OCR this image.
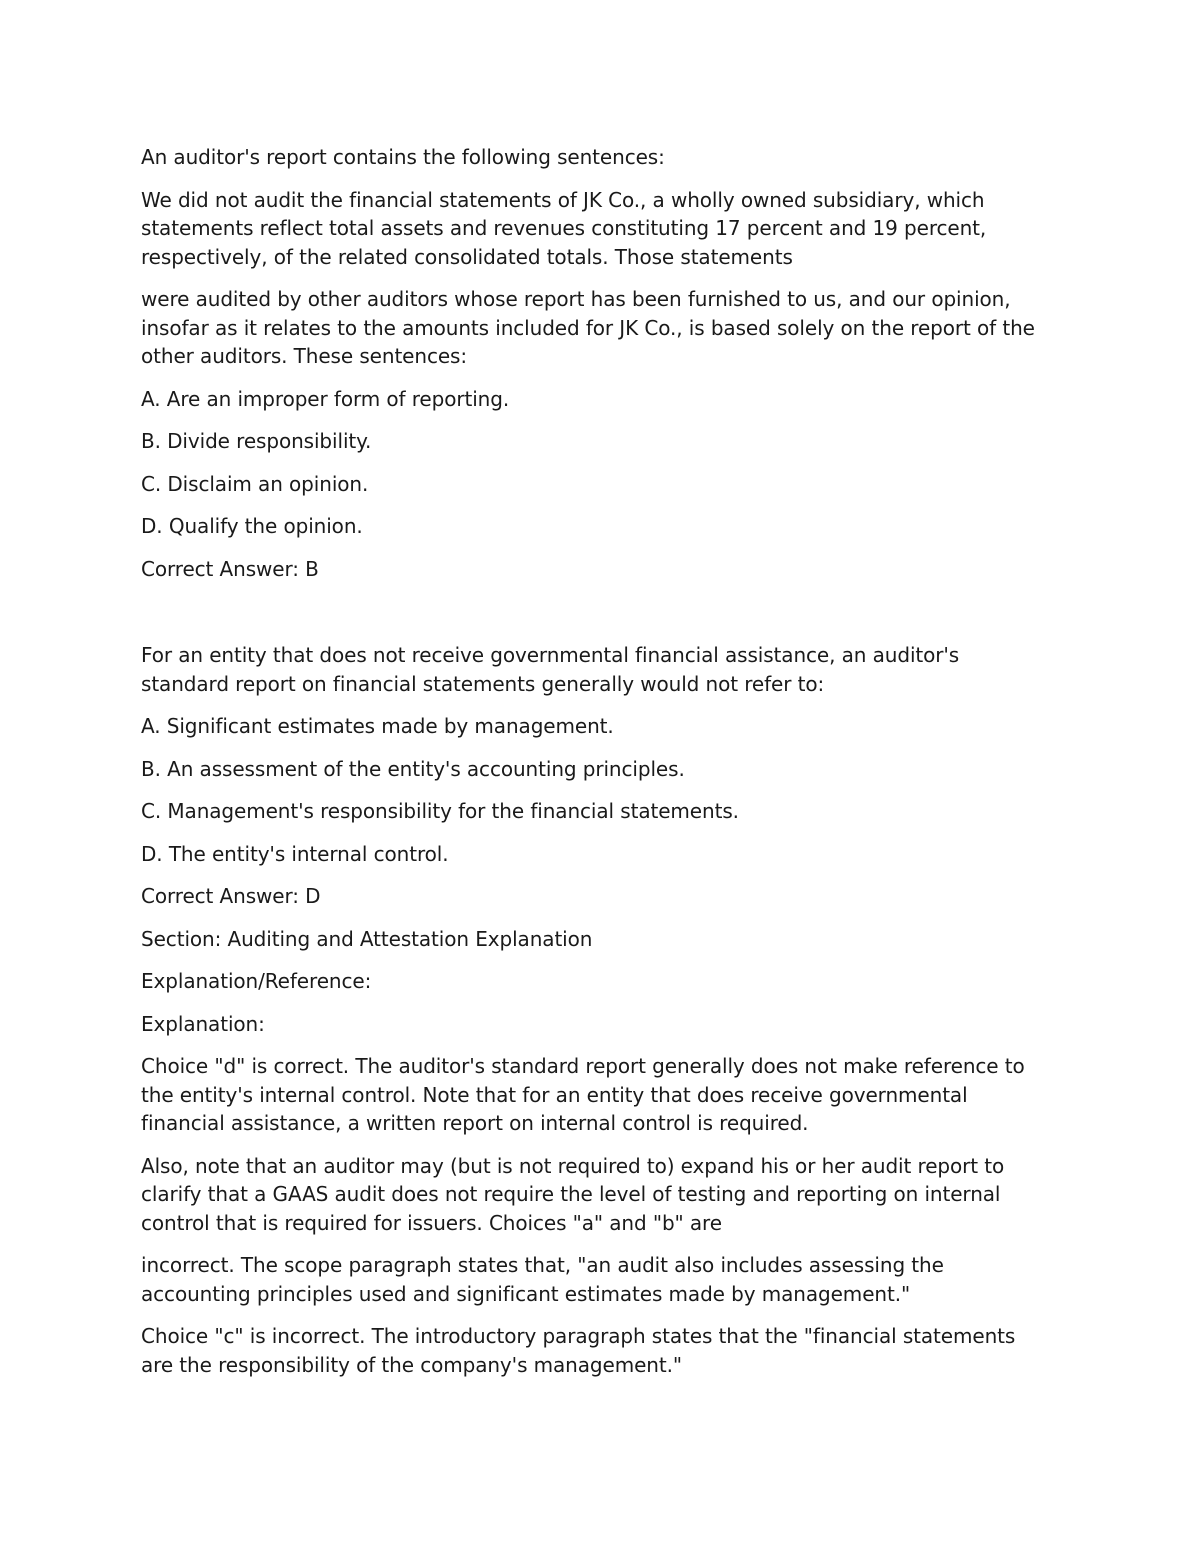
An auditor's report contains the following sentences:

We did not audit the financial statements of JK Co., a wholly owned subsidiary, which statements reflect total assets and revenues constituting 17 percent and 19 percent, respectively, of the related consolidated totals. Those statements

were audited by other auditors whose report has been furnished to us, and our opinion, insofar as it relates to the amounts included for JK Co., is based solely on the report of the other auditors. These sentences:

A. Are an improper form of reporting.

B. Divide responsibility.

C. Disclaim an opinion.

D. Qualify the opinion.

Correct Answer: B

For an entity that does not receive governmental financial assistance, an auditor's standard report on financial statements generally would not refer to:

A. Significant estimates made by management.

B. An assessment of the entity's accounting principles.

C. Management's responsibility for the financial statements.

D. The entity's internal control.

Correct Answer: D

Section: Auditing and Attestation Explanation

Explanation/Reference:

Explanation:

Choice "d" is correct. The auditor's standard report generally does not make reference to the entity's internal control. Note that for an entity that does receive governmental financial assistance, a written report on internal control is required.

Also, note that an auditor may (but is not required to) expand his or her audit report to clarify that a GAAS audit does not require the level of testing and reporting on internal control that is required for issuers. Choices "a" and "b" are

incorrect. The scope paragraph states that, "an audit also includes assessing the accounting principles used and significant estimates made by management."

Choice "c" is incorrect. The introductory paragraph states that the "financial statements are the responsibility of the company's management."
